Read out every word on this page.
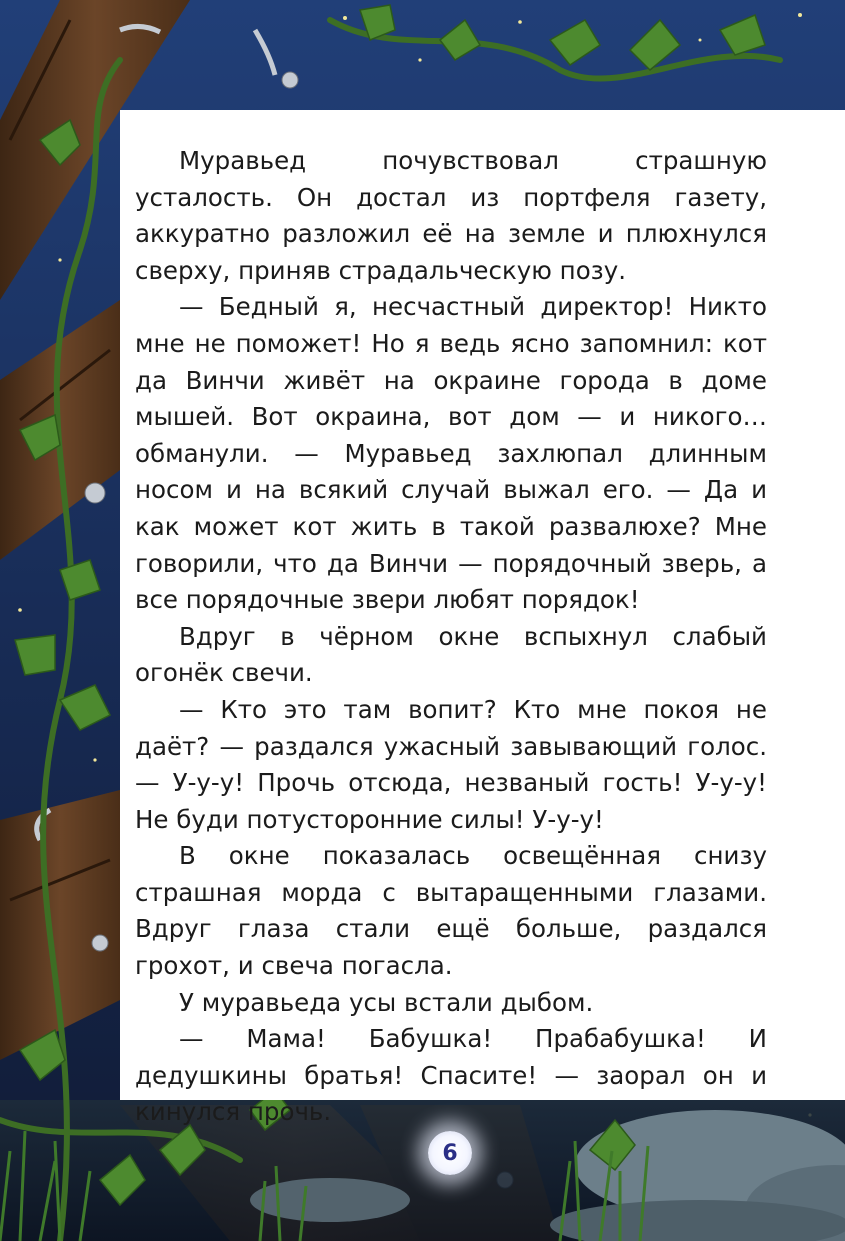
Муравьед почувствовал страшную усталость. Он достал из портфеля газету, аккуратно разложил её на земле и плюхнулся сверху, приняв страдальческую позу.

— Бедный я, несчастный директор! Никто мне не поможет! Но я ведь ясно запомнил: кот да Винчи живёт на окраине города в доме мышей. Вот окраина, вот дом — и никого… обманули. — Муравьед захлюпал длинным носом и на всякий случай выжал его. — Да и как может кот жить в такой развалюхе? Мне говорили, что да Винчи — порядочный зверь, а все порядочные звери любят порядок!

Вдруг в чёрном окне вспыхнул слабый огонёк свечи.

— Кто это там вопит? Кто мне покоя не даёт? — раздался ужасный завывающий голос. — У-у-у! Прочь отсюда, незваный гость! У-у-у! Не буди потусторонние силы! У-у-у!

В окне показалась освещённая снизу страшная морда с вытаращенными глазами. Вдруг глаза стали ещё больше, раздался грохот, и свеча погасла.

У муравьеда усы встали дыбом.

— Мама! Бабушка! Прабабушка! И дедушкины братья! Спасите! — заорал он и кинулся прочь.

6
